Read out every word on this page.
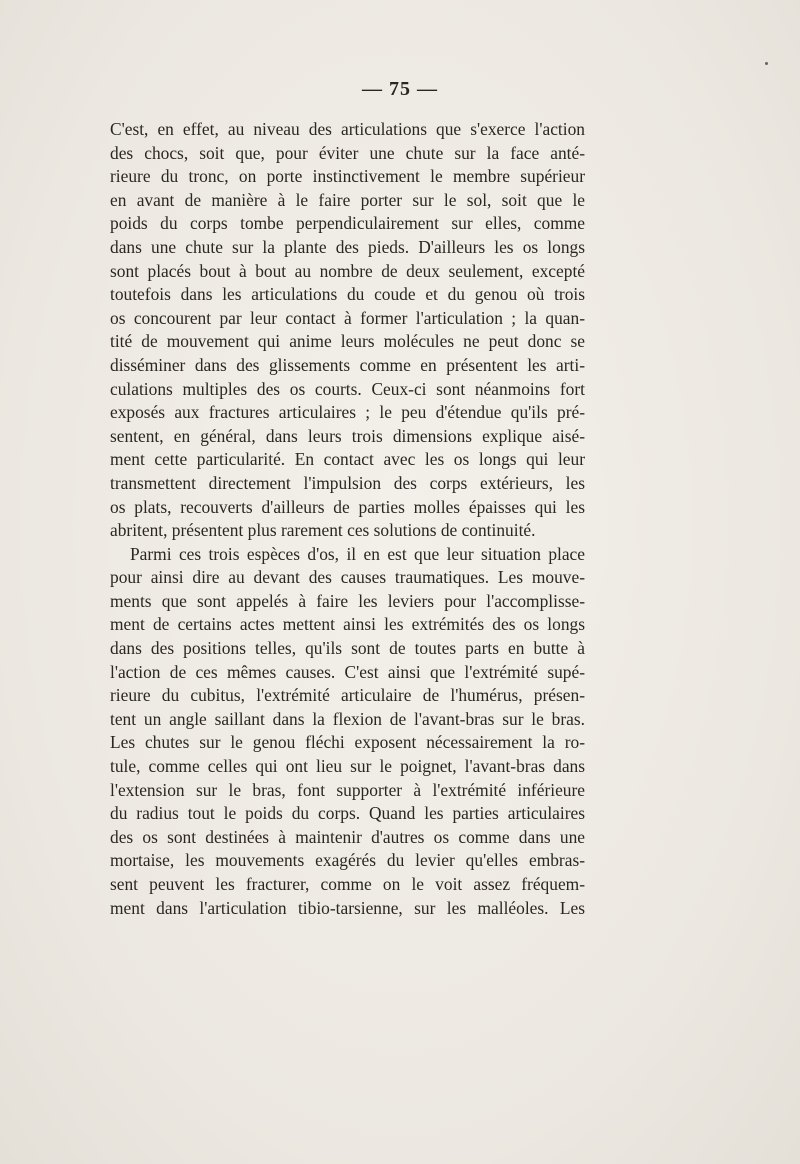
— 75 —
C'est, en effet, au niveau des articulations que s'exerce l'action
des chocs, soit que, pour éviter une chute sur la face anté-
rieure du tronc, on porte instinctivement le membre supérieur
en avant de manière à le faire porter sur le sol, soit que le
poids du corps tombe perpendiculairement sur elles, comme
dans une chute sur la plante des pieds. D'ailleurs les os longs
sont placés bout à bout au nombre de deux seulement, excepté
toutefois dans les articulations du coude et du genou où trois
os concourent par leur contact à former l'articulation ; la quan-
tité de mouvement qui anime leurs molécules ne peut donc se
disséminer dans des glissements comme en présentent les arti-
culations multiples des os courts. Ceux-ci sont néanmoins fort
exposés aux fractures articulaires ; le peu d'étendue qu'ils pré-
sentent, en général, dans leurs trois dimensions explique aisé-
ment cette particularité. En contact avec les os longs qui leur
transmettent directement l'impulsion des corps extérieurs, les
os plats, recouverts d'ailleurs de parties molles épaisses qui les
abritent, présentent plus rarement ces solutions de continuité.
Parmi ces trois espèces d'os, il en est que leur situation place
pour ainsi dire au devant des causes traumatiques. Les mouve-
ments que sont appelés à faire les leviers pour l'accomplisse-
ment de certains actes mettent ainsi les extrémités des os longs
dans des positions telles, qu'ils sont de toutes parts en butte à
l'action de ces mêmes causes. C'est ainsi que l'extrémité supé-
rieure du cubitus, l'extrémité articulaire de l'humérus, présen-
tent un angle saillant dans la flexion de l'avant-bras sur le bras.
Les chutes sur le genou fléchi exposent nécessairement la ro-
tule, comme celles qui ont lieu sur le poignet, l'avant-bras dans
l'extension sur le bras, font supporter à l'extrémité inférieure
du radius tout le poids du corps. Quand les parties articulaires
des os sont destinées à maintenir d'autres os comme dans une
mortaise, les mouvements exagérés du levier qu'elles embras-
sent peuvent les fracturer, comme on le voit assez fréquem-
ment dans l'articulation tibio-tarsienne, sur les malléoles. Les
